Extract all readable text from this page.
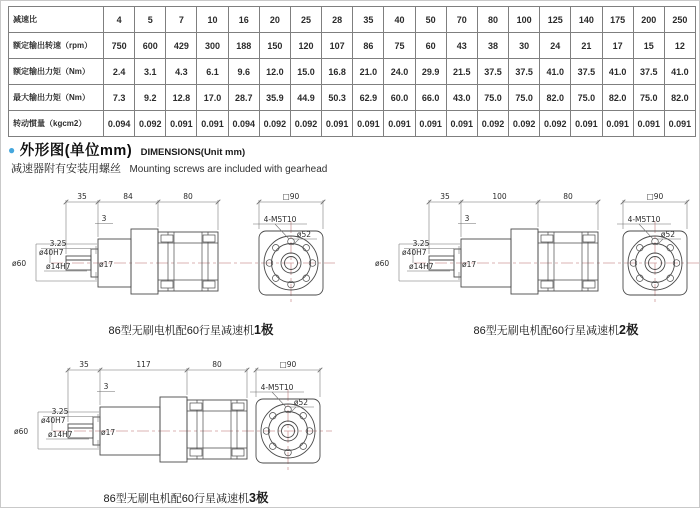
减速比	4	5	7	10	16	20	25	28	35	40	50	70	80	100	125	140	175	200	250
额定输出转速（rpm）	750	600	429	300	188	150	120	107	86	75	60	43	38	30	24	21	17	15	12
额定输出力矩（Nm）	2.4	3.1	4.3	6.1	9.6	12.0	15.0	16.8	21.0	24.0	29.9	21.5	37.5	37.5	41.0	37.5	41.0	37.5	41.0
最大输出力矩（Nm）	7.3	9.2	12.8	17.0	28.7	35.9	44.9	50.3	62.9	60.0	66.0	43.0	75.0	75.0	82.0	75.0	82.0	75.0	82.0
转动惯量（kgcm2）	0.094	0.092	0.091	0.091	0.094	0.092	0.092	0.091	0.091	0.091	0.091	0.091	0.092	0.092	0.092	0.091	0.091	0.091	0.091
● 外形图(单位mm) DIMENSIONS(Unit mm)
减速器附有安装用螺丝 Mounting screws are included with gearhead
35	84	80	□90
3
3.25
ø17
ø40H7
ø14H7
ø60
4-M5T10
ø52
35	100	80	□90
3
3.25
ø17
ø40H7
ø14H7
ø60
4-M5T10
ø52
35	117	80	□90
3
3.25
ø17
ø40H7
ø14H7
ø60
4-M5T10
ø52
86型无刷电机配60行星减速机1极	86型无刷电机配60行星减速机2极
86型无刷电机配60行星减速机3极
